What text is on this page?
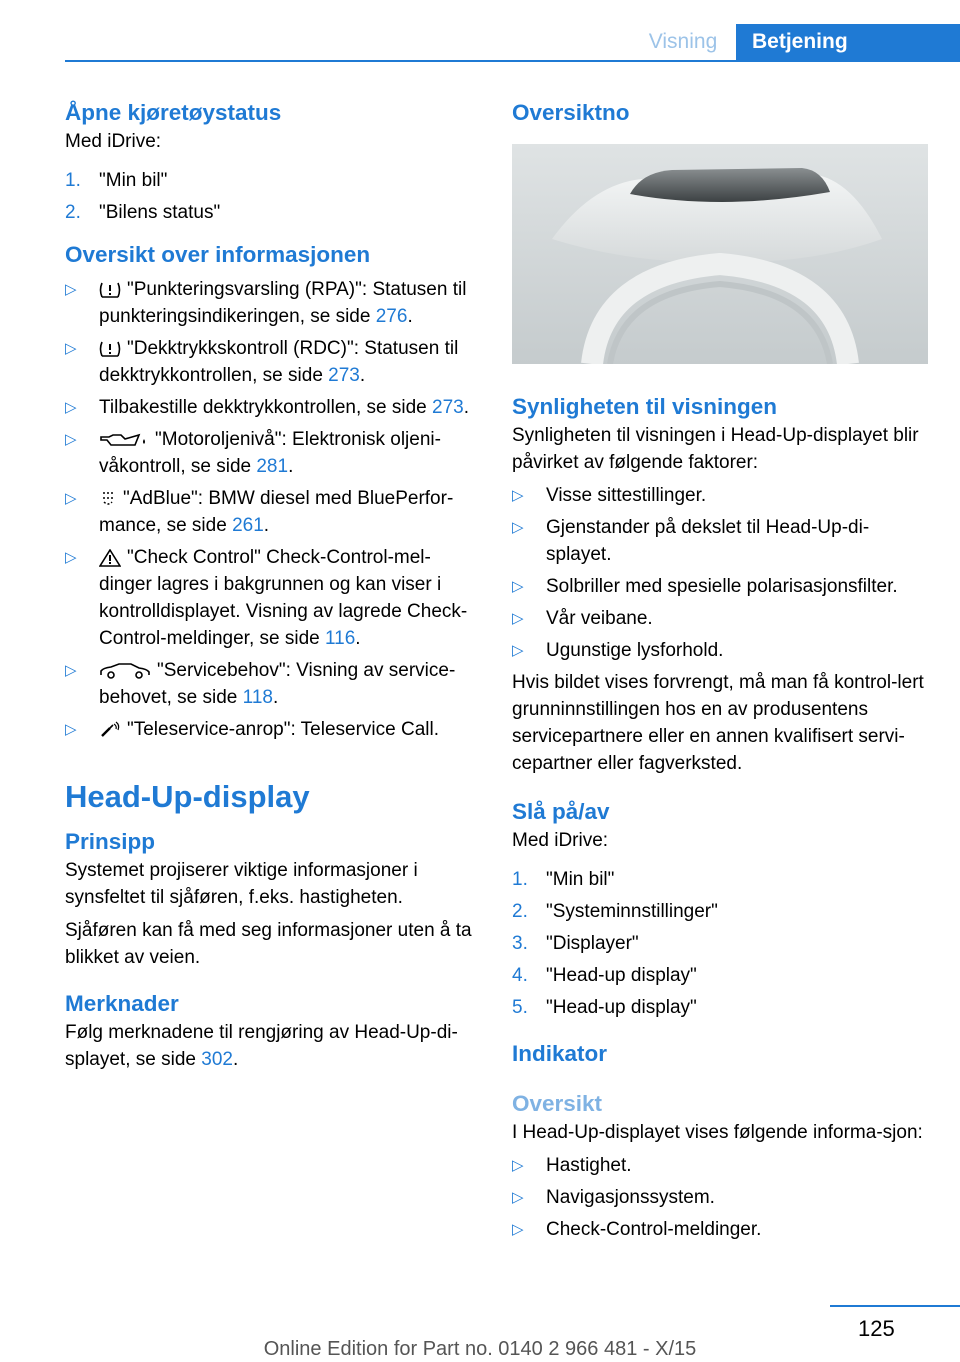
Visning	Betjening
Åpne kjøretøystatus

Med iDrive:

1. "Min bil"
2. "Bilens status"
Oversikt over informasjonen
▷	"Punkteringsvarsling (RPA)": Statusen til punkteringsindikeringen, se side 276.
▷	"Dekktrykkskontroll (RDC)": Statusen til dekktrykkontrollen, se side 273.
▷ Tilbakestille dekktrykkontrollen, se side 273.
▷	"Motoroljenivå": Elektronisk oljeni-våkontroll, se side 281.
▷ "AdBlue": BMW diesel med BluePerfor-mance, se side 261.
▷	"Check Control" Check-Control-mel-dinger lagres i bakgrunnen og kan viser i kontrolldisplayet. Visning av lagrede Check-Control-meldinger, se side 116.
▷	"Servicebehov": Visning av service-behovet, se side 118.
▷	"Teleservice-anrop": Teleservice Call.
Head-Up-display
Prinsipp

Systemet projiserer viktige informasjoner i synsfeltet til sjåføren, f.eks. hastigheten.

Sjåføren kan få med seg informasjoner uten å ta blikket av veien.

Merknader

Følg merknadene til rengjøring av Head-Up-di-splayet, se side 302.

Oversiktno
Synligheten til visningen

Synligheten til visningen i Head-Up-displayet blir påvirket av følgende faktorer:

▷ Visse sittestillinger.
▷ Gjenstander på dekslet til Head-Up-di-splayet.
▷ Solbriller med spesielle polarisasjonsfilter.
▷ Vår veibane.
▷ Ugunstige lysforhold.

Hvis bildet vises forvrengt, må man få kontrol-lert grunninnstillingen hos en av produsentens servicepartnere eller en annen kvalifisert servi-cepartner eller fagverksted.

Slå på/av

Med iDrive:

1. "Min bil"
2. "Systeminnstillinger"
3. "Displayer"
4. "Head-up display"
5. "Head-up display"
Indikator
Oversikt

I Head-Up-displayet vises følgende informa-sjon:

▷ Hastighet.
▷ Navigasjonssystem.
▷ Check-Control-meldinger.
125
Online Edition for Part no. 0140 2 966 481 - X/15
